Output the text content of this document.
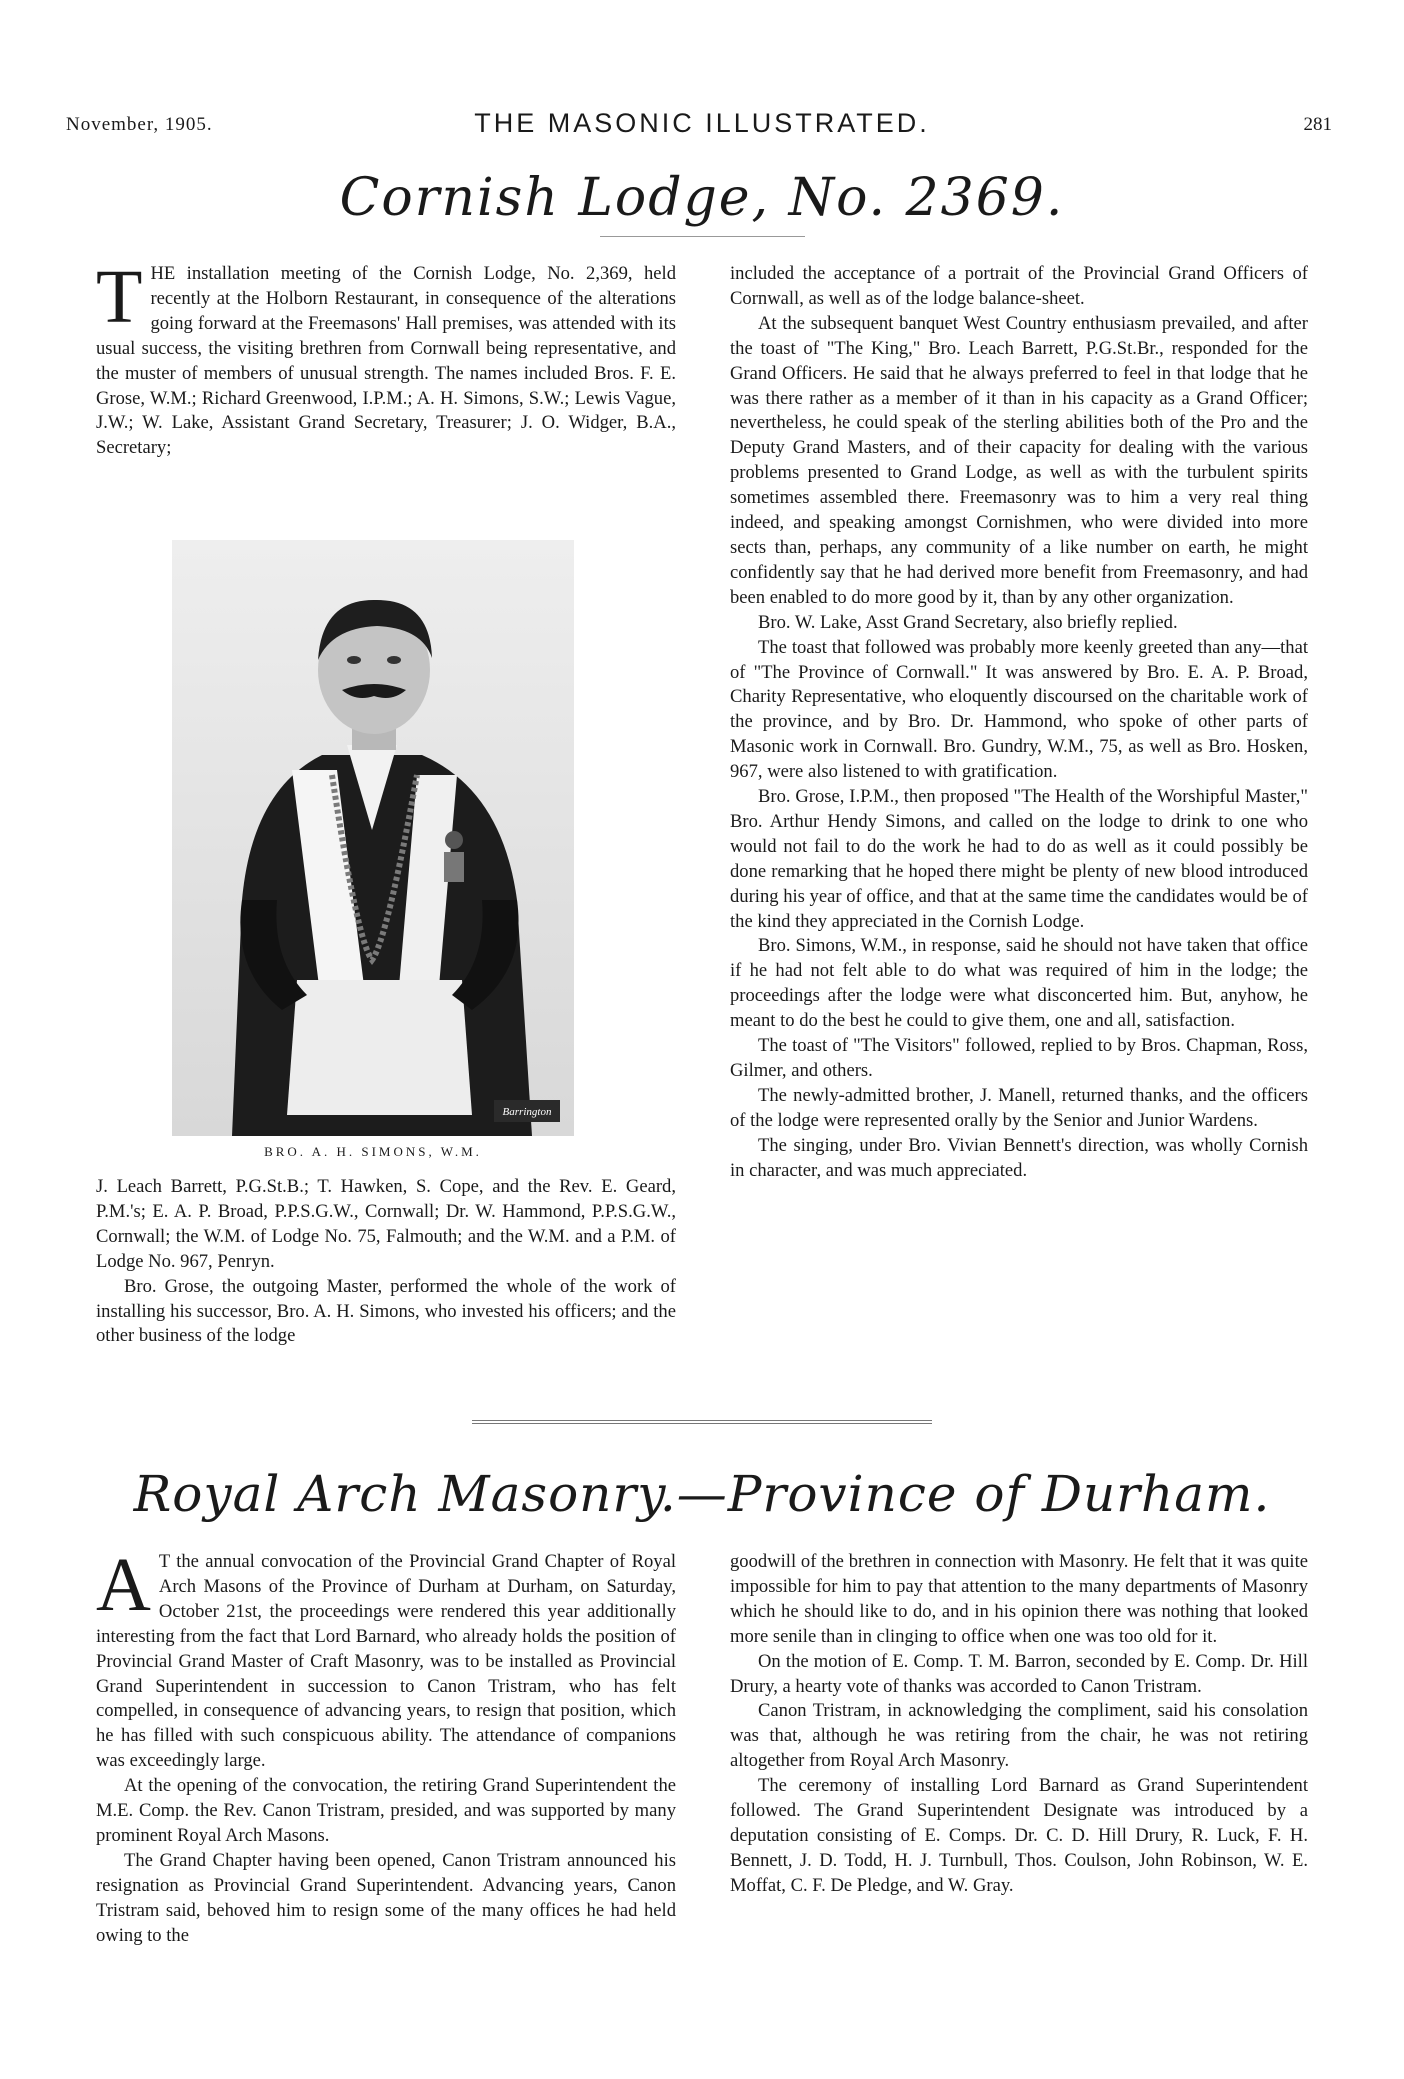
November, 1905.	THE MASONIC ILLUSTRATED.	281
Cornish Lodge, No. 2369.

THE installation meeting of the Cornish Lodge, No. 2,369, held recently at the Holborn Restaurant, in consequence of the alterations going forward at the Freemasons' Hall premises, was attended with its usual success, the visiting brethren from Cornwall being representative, and the muster of members of unusual strength. The names included Bros. F. E. Grose, W.M.; Richard Greenwood, I.P.M.; A. H. Simons, S.W.; Lewis Vague, J.W.; W. Lake, Assistant Grand Secretary, Treasurer; J. O. Widger, B.A., Secretary;

Barrington
BRO. A. H. SIMONS, W.M.

J. Leach Barrett, P.G.St.B.; T. Hawken, S. Cope, and the Rev. E. Geard, P.M.'s; E. A. P. Broad, P.P.S.G.W., Cornwall; Dr. W. Hammond, P.P.S.G.W., Cornwall; the W.M. of Lodge No. 75, Falmouth; and the W.M. and a P.M. of Lodge No. 967, Penryn.

Bro. Grose, the outgoing Master, performed the whole of the work of installing his successor, Bro. A. H. Simons, who invested his officers; and the other business of the lodge

included the acceptance of a portrait of the Provincial Grand Officers of Cornwall, as well as of the lodge balance-sheet.

At the subsequent banquet West Country enthusiasm prevailed, and after the toast of "The King," Bro. Leach Barrett, P.G.St.Br., responded for the Grand Officers. He said that he always preferred to feel in that lodge that he was there rather as a member of it than in his capacity as a Grand Officer; nevertheless, he could speak of the sterling abilities both of the Pro and the Deputy Grand Masters, and of their capacity for dealing with the various problems presented to Grand Lodge, as well as with the turbulent spirits sometimes assembled there. Freemasonry was to him a very real thing indeed, and speaking amongst Cornishmen, who were divided into more sects than, perhaps, any community of a like number on earth, he might confidently say that he had derived more benefit from Freemasonry, and had been enabled to do more good by it, than by any other organization.

Bro. W. Lake, Asst Grand Secretary, also briefly replied.

The toast that followed was probably more keenly greeted than any—that of "The Province of Cornwall." It was answered by Bro. E. A. P. Broad, Charity Representative, who eloquently discoursed on the charitable work of the province, and by Bro. Dr. Hammond, who spoke of other parts of Masonic work in Cornwall. Bro. Gundry, W.M., 75, as well as Bro. Hosken, 967, were also listened to with gratification.

Bro. Grose, I.P.M., then proposed "The Health of the Worshipful Master," Bro. Arthur Hendy Simons, and called on the lodge to drink to one who would not fail to do the work he had to do as well as it could possibly be done remarking that he hoped there might be plenty of new blood introduced during his year of office, and that at the same time the candidates would be of the kind they appreciated in the Cornish Lodge.

Bro. Simons, W.M., in response, said he should not have taken that office if he had not felt able to do what was required of him in the lodge; the proceedings after the lodge were what disconcerted him. But, anyhow, he meant to do the best he could to give them, one and all, satisfaction.

The toast of "The Visitors" followed, replied to by Bros. Chapman, Ross, Gilmer, and others.

The newly-admitted brother, J. Manell, returned thanks, and the officers of the lodge were represented orally by the Senior and Junior Wardens.

The singing, under Bro. Vivian Bennett's direction, was wholly Cornish in character, and was much appreciated.

Royal Arch Masonry.—Province of Durham.

A T the annual convocation of the Provincial Grand Chapter of Royal Arch Masons of the Province of Durham at Durham, on Saturday, October 21st, the proceedings were rendered this year additionally interesting from the fact that Lord Barnard, who already holds the position of Provincial Grand Master of Craft Masonry, was to be installed as Provincial Grand Superintendent in succession to Canon Tristram, who has felt compelled, in consequence of advancing years, to resign that position, which he has filled with such conspicuous ability. The attendance of companions was exceedingly large.

At the opening of the convocation, the retiring Grand Superintendent the M.E. Comp. the Rev. Canon Tristram, presided, and was supported by many prominent Royal Arch Masons.

The Grand Chapter having been opened, Canon Tristram announced his resignation as Provincial Grand Superintendent. Advancing years, Canon Tristram said, behoved him to resign some of the many offices he had held owing to the

goodwill of the brethren in connection with Masonry. He felt that it was quite impossible for him to pay that attention to the many departments of Masonry which he should like to do, and in his opinion there was nothing that looked more senile than in clinging to office when one was too old for it.

On the motion of E. Comp. T. M. Barron, seconded by E. Comp. Dr. Hill Drury, a hearty vote of thanks was accorded to Canon Tristram.

Canon Tristram, in acknowledging the compliment, said his consolation was that, although he was retiring from the chair, he was not retiring altogether from Royal Arch Masonry.

The ceremony of installing Lord Barnard as Grand Superintendent followed. The Grand Superintendent Designate was introduced by a deputation consisting of E. Comps. Dr. C. D. Hill Drury, R. Luck, F. H. Bennett, J. D. Todd, H. J. Turnbull, Thos. Coulson, John Robinson, W. E. Moffat, C. F. De Pledge, and W. Gray.
